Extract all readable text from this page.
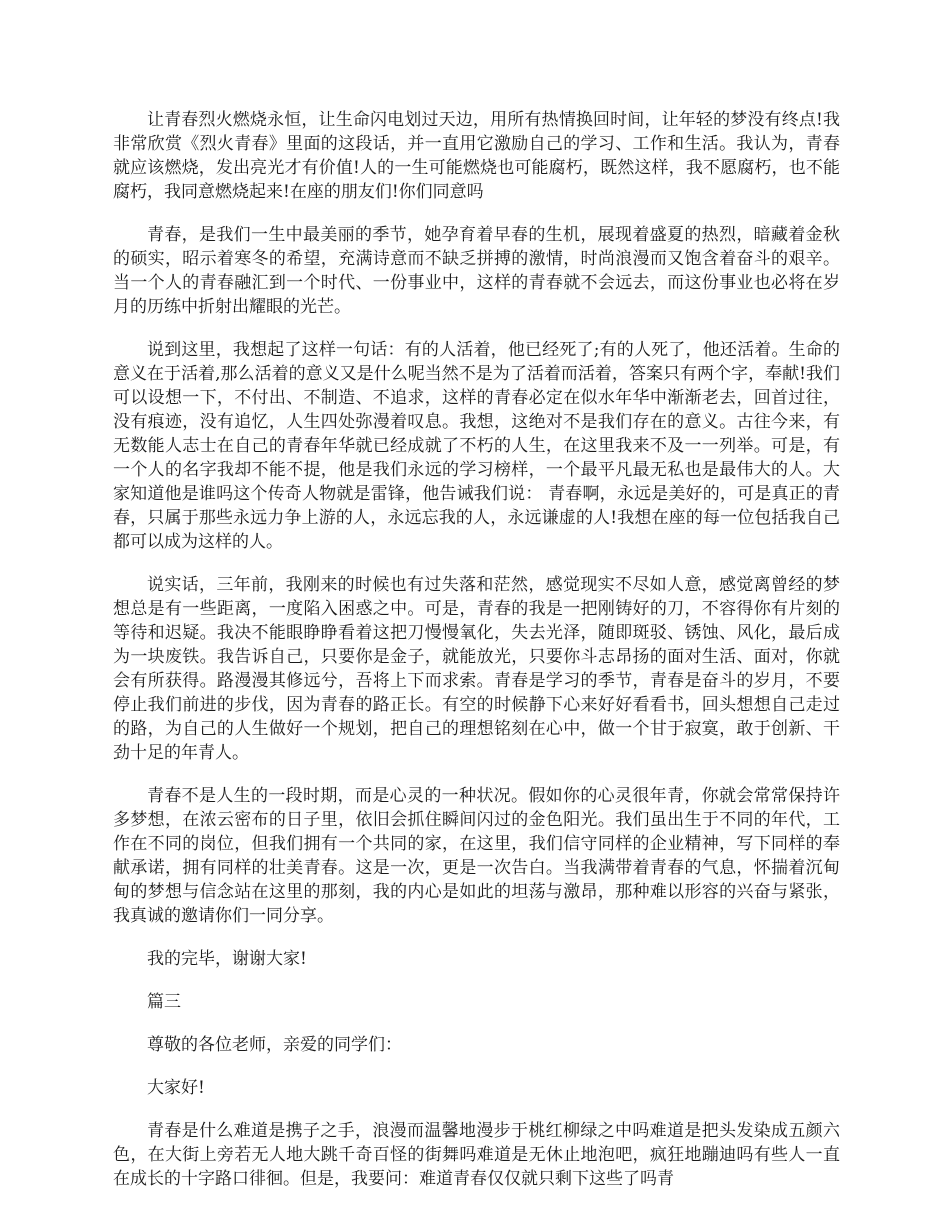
让青春烈火燃烧永恒，让生命闪电划过天边，用所有热情换回时间，让年轻的梦没有终点!我非常欣赏《烈火青春》里面的这段话，并一直用它激励自己的学习、工作和生活。我认为，青春就应该燃烧，发出亮光才有价值!人的一生可能燃烧也可能腐朽，既然这样，我不愿腐朽，也不能腐朽，我同意燃烧起来!在座的朋友们!你们同意吗

青春，是我们一生中最美丽的季节，她孕育着早春的生机，展现着盛夏的热烈，暗藏着金秋的硕实，昭示着寒冬的希望，充满诗意而不缺乏拼搏的激情，时尚浪漫而又饱含着奋斗的艰辛。当一个人的青春融汇到一个时代、一份事业中，这样的青春就不会远去，而这份事业也必将在岁月的历练中折射出耀眼的光芒。

说到这里，我想起了这样一句话：有的人活着，他已经死了;有的人死了，他还活着。生命的意义在于活着,那么活着的意义又是什么呢当然不是为了活着而活着，答案只有两个字，奉献!我们可以设想一下，不付出、不制造、不追求，这样的青春必定在似水年华中渐渐老去，回首过往，没有痕迹，没有追忆，人生四处弥漫着叹息。我想，这绝对不是我们存在的意义。古往今来，有无数能人志士在自己的青春年华就已经成就了不朽的人生，在这里我来不及一一列举。可是，有一个人的名字我却不能不提，他是我们永远的学习榜样，一个最平凡最无私也是最伟大的人。大家知道他是谁吗这个传奇人物就是雷锋，他告诫我们说： 青春啊，永远是美好的，可是真正的青春，只属于那些永远力争上游的人，永远忘我的人，永远谦虚的人!我想在座的每一位包括我自己都可以成为这样的人。

说实话，三年前，我刚来的时候也有过失落和茫然，感觉现实不尽如人意，感觉离曾经的梦想总是有一些距离，一度陷入困惑之中。可是，青春的我是一把刚铸好的刀，不容得你有片刻的等待和迟疑。我决不能眼睁睁看着这把刀慢慢氧化，失去光泽，随即斑驳、锈蚀、风化，最后成为一块废铁。我告诉自己，只要你是金子，就能放光，只要你斗志昂扬的面对生活、面对，你就会有所获得。路漫漫其修远兮，吾将上下而求索。青春是学习的季节，青春是奋斗的岁月，不要停止我们前进的步伐，因为青春的路正长。有空的时候静下心来好好看看书，回头想想自己走过的路，为自己的人生做好一个规划，把自己的理想铭刻在心中，做一个甘于寂寞，敢于创新、干劲十足的年青人。

青春不是人生的一段时期，而是心灵的一种状况。假如你的心灵很年青，你就会常常保持许多梦想，在浓云密布的日子里，依旧会抓住瞬间闪过的金色阳光。我们虽出生于不同的年代，工作在不同的岗位，但我们拥有一个共同的家，在这里，我们信守同样的企业精神，写下同样的奉献承诺，拥有同样的壮美青春。这是一次，更是一次告白。当我满带着青春的气息，怀揣着沉甸甸的梦想与信念站在这里的那刻，我的内心是如此的坦荡与激昂，那种难以形容的兴奋与紧张，我真诚的邀请你们一同分享。

我的完毕，谢谢大家!

篇三

尊敬的各位老师，亲爱的同学们：

大家好!

青春是什么难道是携子之手，浪漫而温馨地漫步于桃红柳绿之中吗难道是把头发染成五颜六色，在大街上旁若无人地大跳千奇百怪的街舞吗难道是无休止地泡吧，疯狂地蹦迪吗有些人一直在成长的十字路口徘徊。但是，我要问：难道青春仅仅就只剩下这些了吗青
